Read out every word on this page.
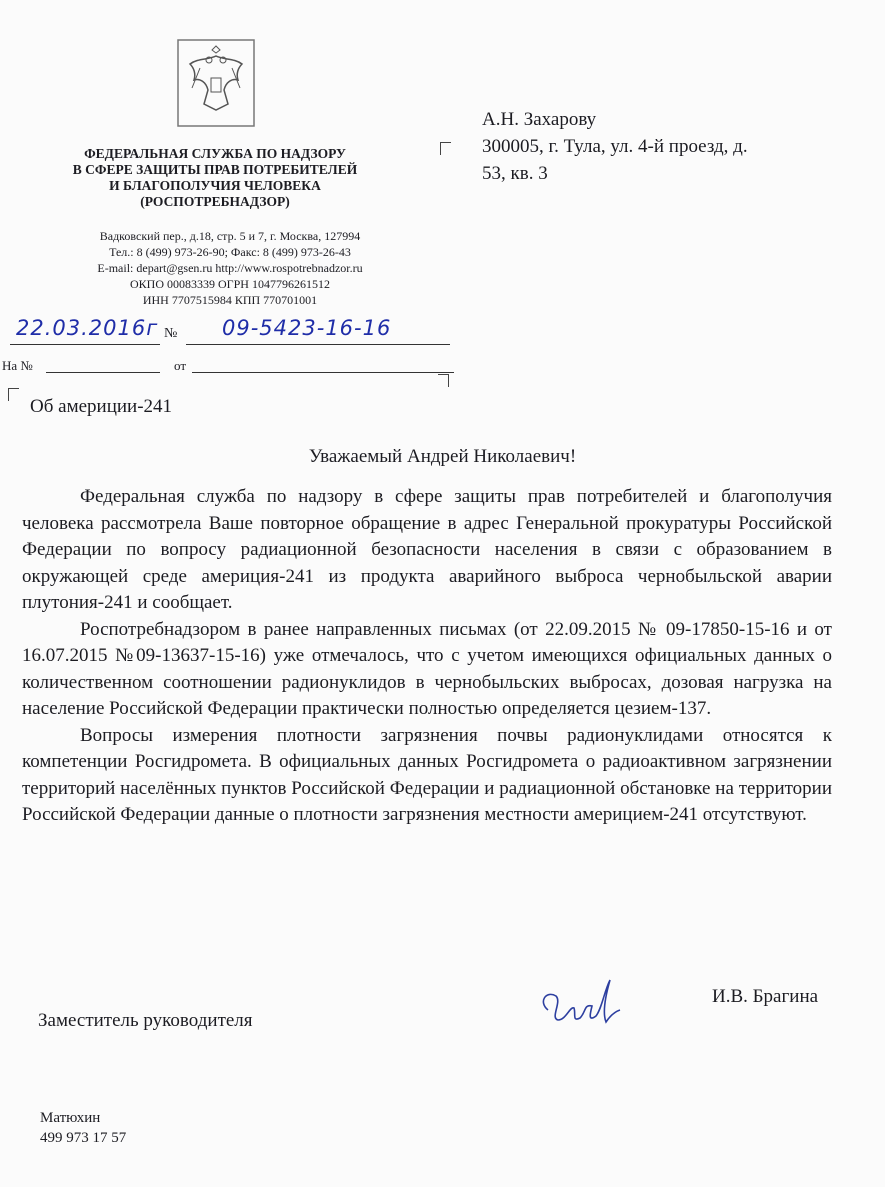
ФЕДЕРАЛЬНАЯ СЛУЖБА ПО НАДЗОРУ
В СФЕРЕ ЗАЩИТЫ ПРАВ ПОТРЕБИТЕЛЕЙ
И БЛАГОПОЛУЧИЯ ЧЕЛОВЕКА
(РОСПОТРЕБНАДЗОР)
Вадковский пер., д.18, стр. 5 и 7, г. Москва, 127994
Тел.: 8 (499) 973-26-90; Факс: 8 (499) 973-26-43
E-mail: depart@gsen.ru http://www.rospotrebnadzor.ru
ОКПО 00083339 ОГРН 1047796261512
ИНН 7707515984 КПП 770701001
22.03.2016г № 09-5423-16-16
На №	от
А.Н. Захарову
300005, г. Тула, ул. 4-й проезд, д.
53, кв. 3
Об америции-241
Уважаемый Андрей Николаевич!

Федеральная служба по надзору в сфере защиты прав потребителей и благополучия человека рассмотрела Ваше повторное обращение в адрес Генеральной прокуратуры Российской Федерации по вопросу радиационной безопасности населения в связи с образованием в окружающей среде америция-241 из продукта аварийного выброса чернобыльской аварии плутония-241 и сообщает.

Роспотребнадзором в ранее направленных письмах (от 22.09.2015 № 09-17850-15-16 и от 16.07.2015 №09-13637-15-16) уже отмечалось, что с учетом имеющихся официальных данных о количественном соотношении радионуклидов в чернобыльских выбросах, дозовая нагрузка на население Российской Федерации практически полностью определяется цезием-137.

Вопросы измерения плотности загрязнения почвы радионуклидами относятся к компетенции Росгидромета. В официальных данных Росгидромета о радиоактивном загрязнении территорий населённых пунктов Российской Федерации и радиационной обстановке на территории Российской Федерации данные о плотности загрязнения местности америцием-241 отсутствуют.

И.В. Брагина
Заместитель руководителя
Матюхин
499 973 17 57
